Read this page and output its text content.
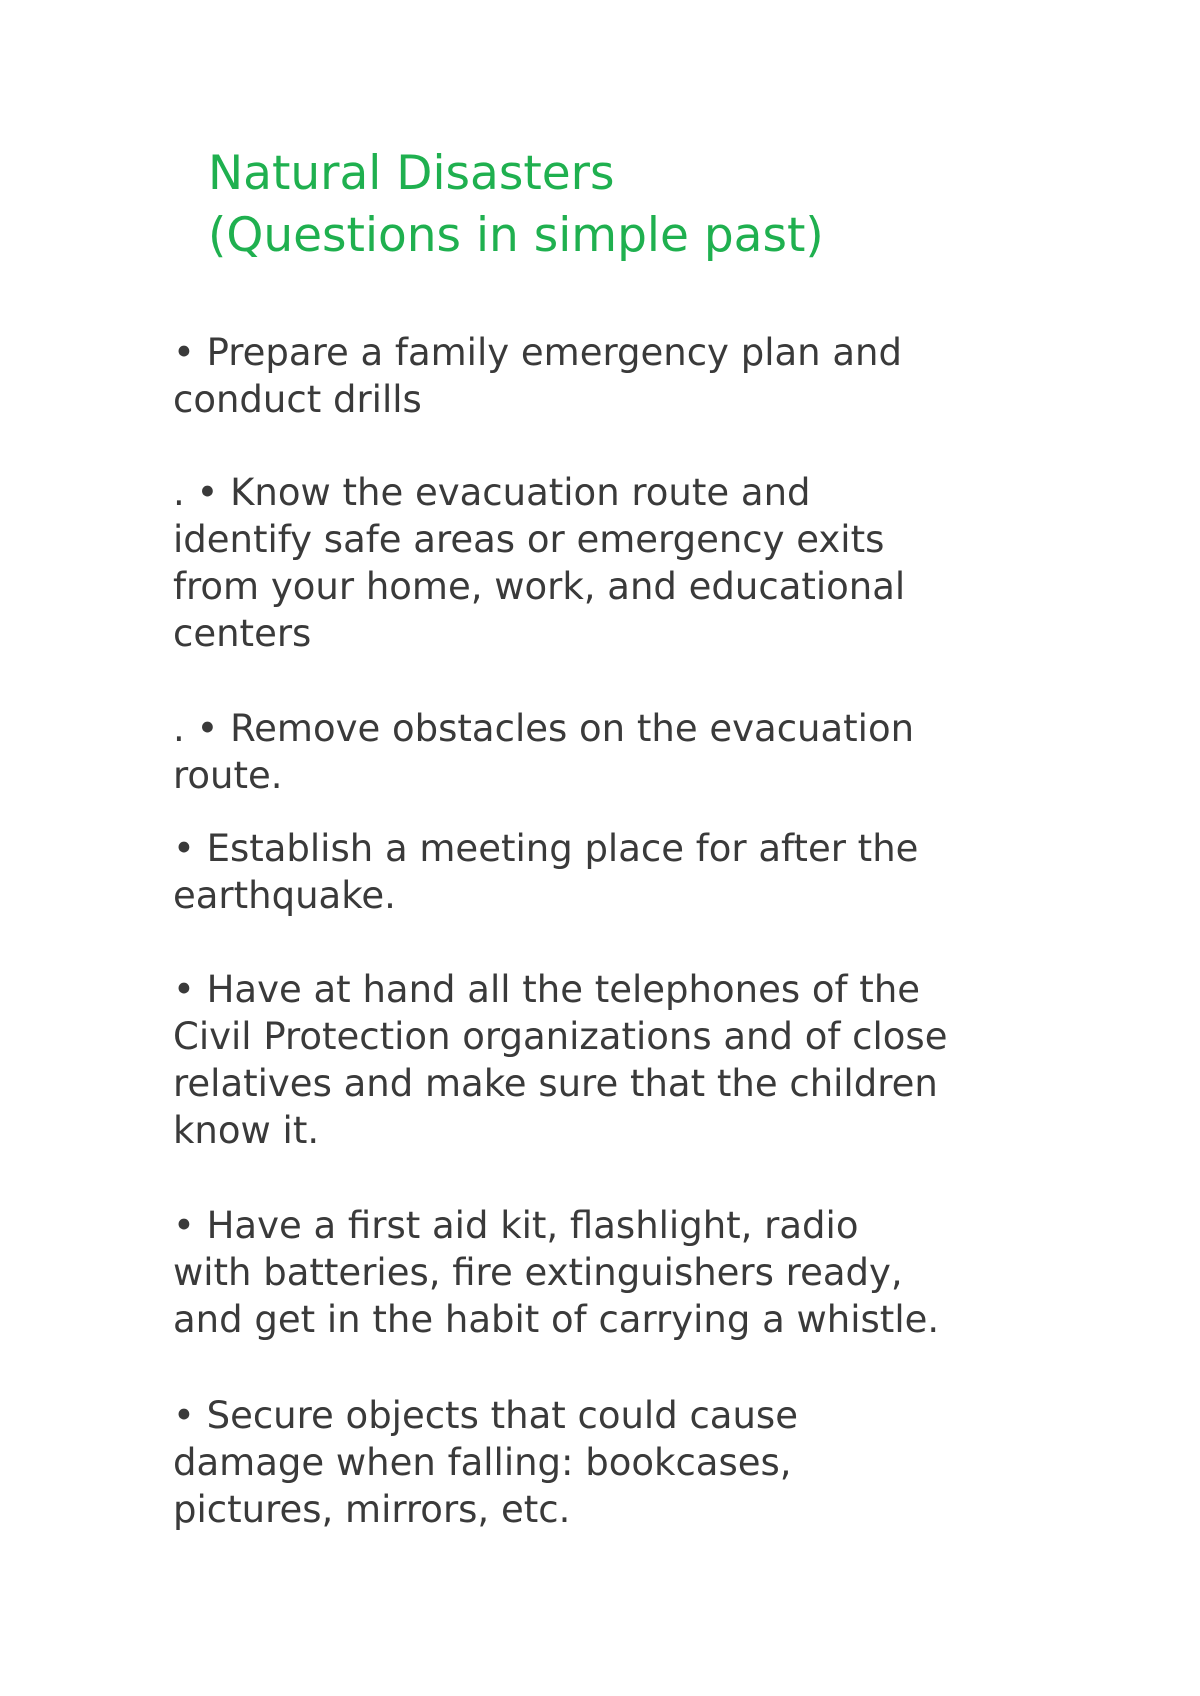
Natural Disasters
(Questions in simple past)

• Prepare a family emergency plan and
conduct drills

. • Know the evacuation route and
identify safe areas or emergency exits
from your home, work, and educational
centers

. • Remove obstacles on the evacuation
route.

• Establish a meeting place for after the
earthquake.

• Have at hand all the telephones of the
Civil Protection organizations and of close
relatives and make sure that the children
know it.

• Have a first aid kit, flashlight, radio
with batteries, fire extinguishers ready,
and get in the habit of carrying a whistle.

• Secure objects that could cause
damage when falling: bookcases,
pictures, mirrors, etc.
